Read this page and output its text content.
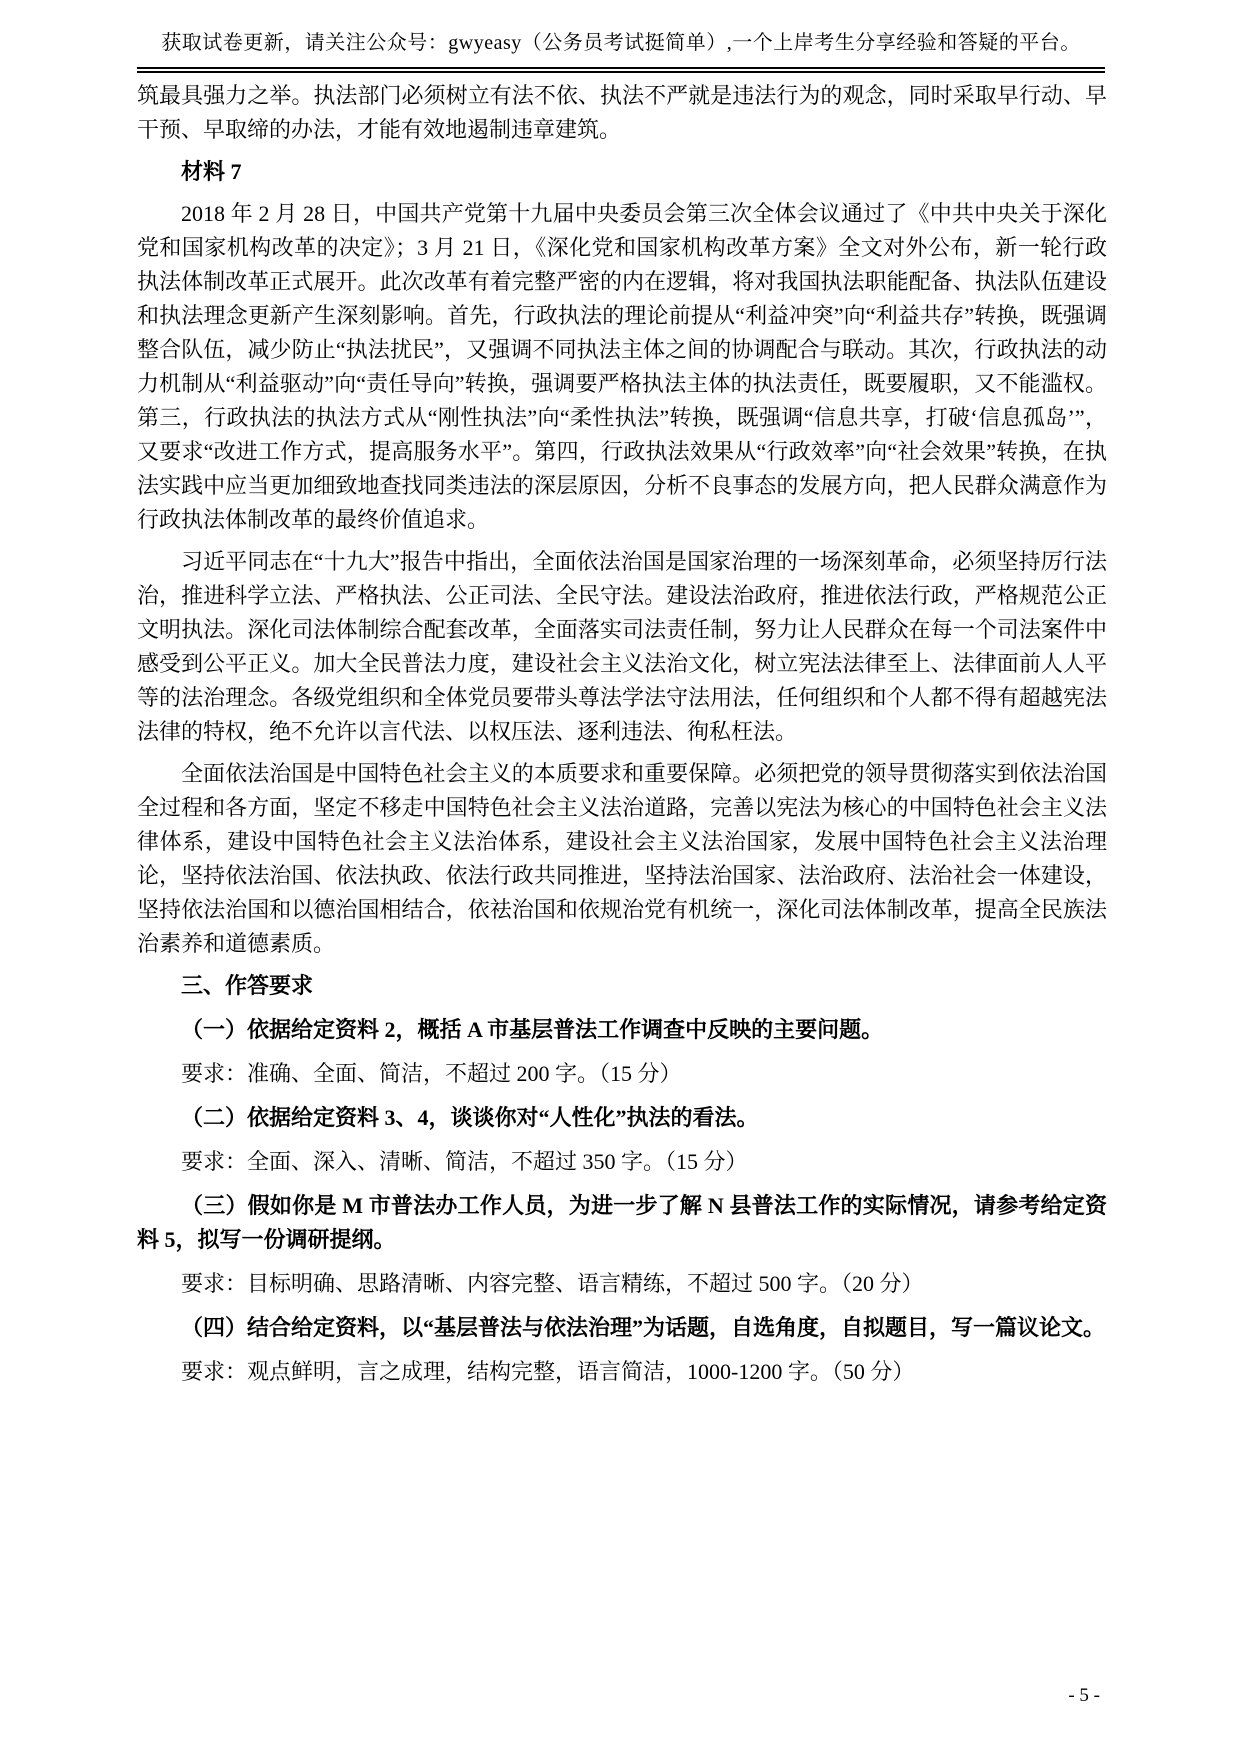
获取试卷更新，请关注公众号：gwyeasy（公务员考试挺简单）,一个上岸考生分享经验和答疑的平台。

筑最具强力之举。执法部门必须树立有法不依、执法不严就是违法行为的观念，同时采取早行动、早干预、早取缔的办法，才能有效地遏制违章建筑。

材料 7

2018 年 2 月 28 日，中国共产党第十九届中央委员会第三次全体会议通过了《中共中央关于深化党和国家机构改革的决定》；3 月 21 日，《深化党和国家机构改革方案》全文对外公布，新一轮行政执法体制改革正式展开。此次改革有着完整严密的内在逻辑，将对我国执法职能配备、执法队伍建设和执法理念更新产生深刻影响。首先，行政执法的理论前提从“利益冲突”向“利益共存”转换，既强调整合队伍，减少防止“执法扰民”，又强调不同执法主体之间的协调配合与联动。其次，行政执法的动力机制从“利益驱动”向“责任导向”转换，强调要严格执法主体的执法责任，既要履职，又不能滥权。第三，行政执法的执法方式从“刚性执法”向“柔性执法”转换，既强调“信息共享，打破‘信息孤岛’”，又要求“改进工作方式，提高服务水平”。第四，行政执法效果从“行政效率”向“社会效果”转换，在执法实践中应当更加细致地查找同类违法的深层原因，分析不良事态的发展方向，把人民群众满意作为行政执法体制改革的最终价值追求。

习近平同志在“十九大”报告中指出，全面依法治国是国家治理的一场深刻革命，必须坚持厉行法治，推进科学立法、严格执法、公正司法、全民守法。建设法治政府，推进依法行政，严格规范公正文明执法。深化司法体制综合配套改革，全面落实司法责任制，努力让人民群众在每一个司法案件中感受到公平正义。加大全民普法力度，建设社会主义法治文化，树立宪法法律至上、法律面前人人平等的法治理念。各级党组织和全体党员要带头尊法学法守法用法，任何组织和个人都不得有超越宪法法律的特权，绝不允许以言代法、以权压法、逐利违法、徇私枉法。

全面依法治国是中国特色社会主义的本质要求和重要保障。必须把党的领导贯彻落实到依法治国全过程和各方面，坚定不移走中国特色社会主义法治道路，完善以宪法为核心的中国特色社会主义法律体系，建设中国特色社会主义法治体系，建设社会主义法治国家，发展中国特色社会主义法治理论，坚持依法治国、依法执政、依法行政共同推进，坚持法治国家、法治政府、法治社会一体建设，坚持依法治国和以德治国相结合，依祛治国和依规治党有机统一，深化司法体制改革，提高全民族法治素养和道德素质。

三、作答要求

（一）依据给定资料 2，概括 A 市基层普法工作调查中反映的主要问题。

要求：准确、全面、简洁，不超过 200 字。（15 分）

（二）依据给定资料 3、4，谈谈你对“人性化”执法的看法。

要求：全面、深入、清晰、简洁，不超过 350 字。（15 分）

（三）假如你是 M 市普法办工作人员，为进一步了解 N 县普法工作的实际情况，请参考给定资料 5，拟写一份调研提纲。

要求：目标明确、思路清晰、内容完整、语言精练，不超过 500 字。（20 分）

（四）结合给定资料，以“基层普法与依法治理”为话题，自选角度，自拟题目，写一篇议论文。

要求：观点鲜明，言之成理，结构完整，语言简洁，1000-1200 字。（50 分）

- 5 -
